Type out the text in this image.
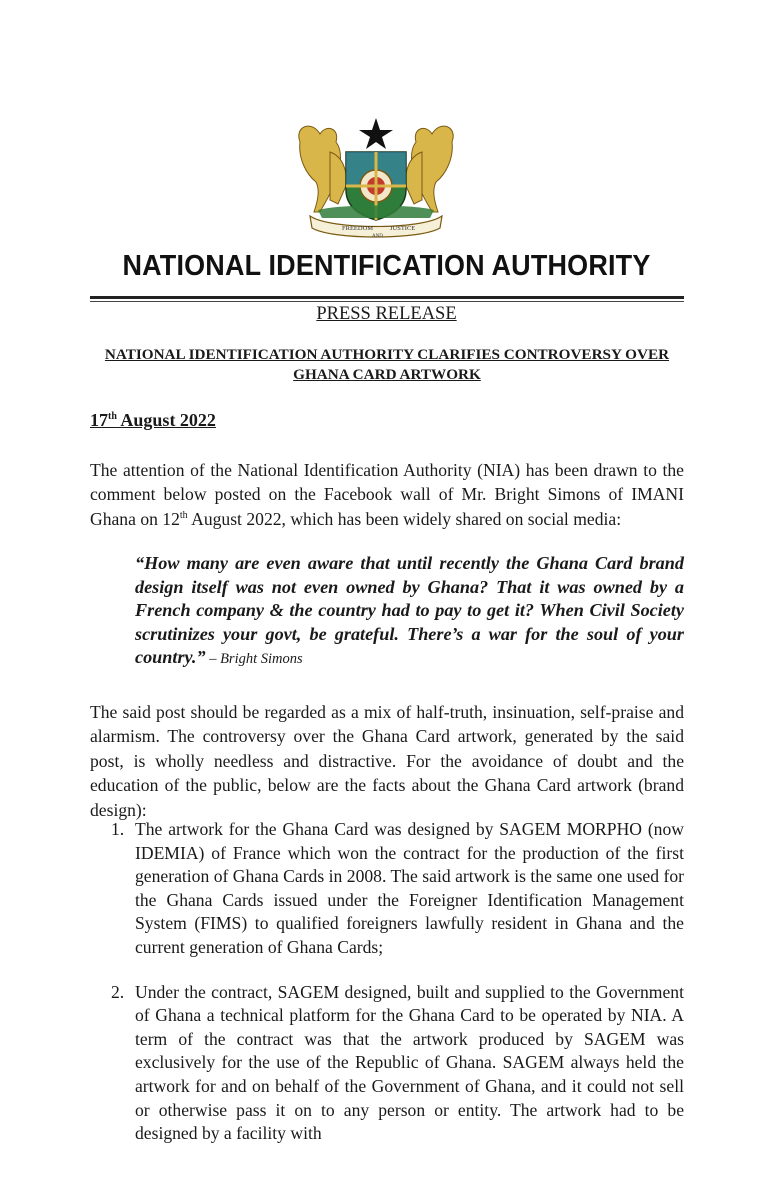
FREEDOM
AND
JUSTICE
NATIONAL IDENTIFICATION AUTHORITY
PRESS RELEASE
NATIONAL IDENTIFICATION AUTHORITY CLARIFIES CONTROVERSY OVER GHANA CARD ARTWORK
17th August 2022
The attention of the National Identification Authority (NIA) has been drawn to the comment below posted on the Facebook wall of Mr. Bright Simons of IMANI Ghana on 12th August 2022, which has been widely shared on social media:
“How many are even aware that until recently the Ghana Card brand design itself was not even owned by Ghana? That it was owned by a French company & the country had to pay to get it? When Civil Society scrutinizes your govt, be grateful. There’s a war for the soul of your country.” – Bright Simons
The said post should be regarded as a mix of half-truth, insinuation, self-praise and alarmism. The controversy over the Ghana Card artwork, generated by the said post, is wholly needless and distractive. For the avoidance of doubt and the education of the public, below are the facts about the Ghana Card artwork (brand design):
1. The artwork for the Ghana Card was designed by SAGEM MORPHO (now IDEMIA) of France which won the contract for the production of the first generation of Ghana Cards in 2008. The said artwork is the same one used for the Ghana Cards issued under the Foreigner Identification Management System (FIMS) to qualified foreigners lawfully resident in Ghana and the current generation of Ghana Cards;
2. Under the contract, SAGEM designed, built and supplied to the Government of Ghana a technical platform for the Ghana Card to be operated by NIA. A term of the contract was that the artwork produced by SAGEM was exclusively for the use of the Republic of Ghana. SAGEM always held the artwork for and on behalf of the Government of Ghana, and it could not sell or otherwise pass it on to any person or entity. The artwork had to be designed by a facility with
